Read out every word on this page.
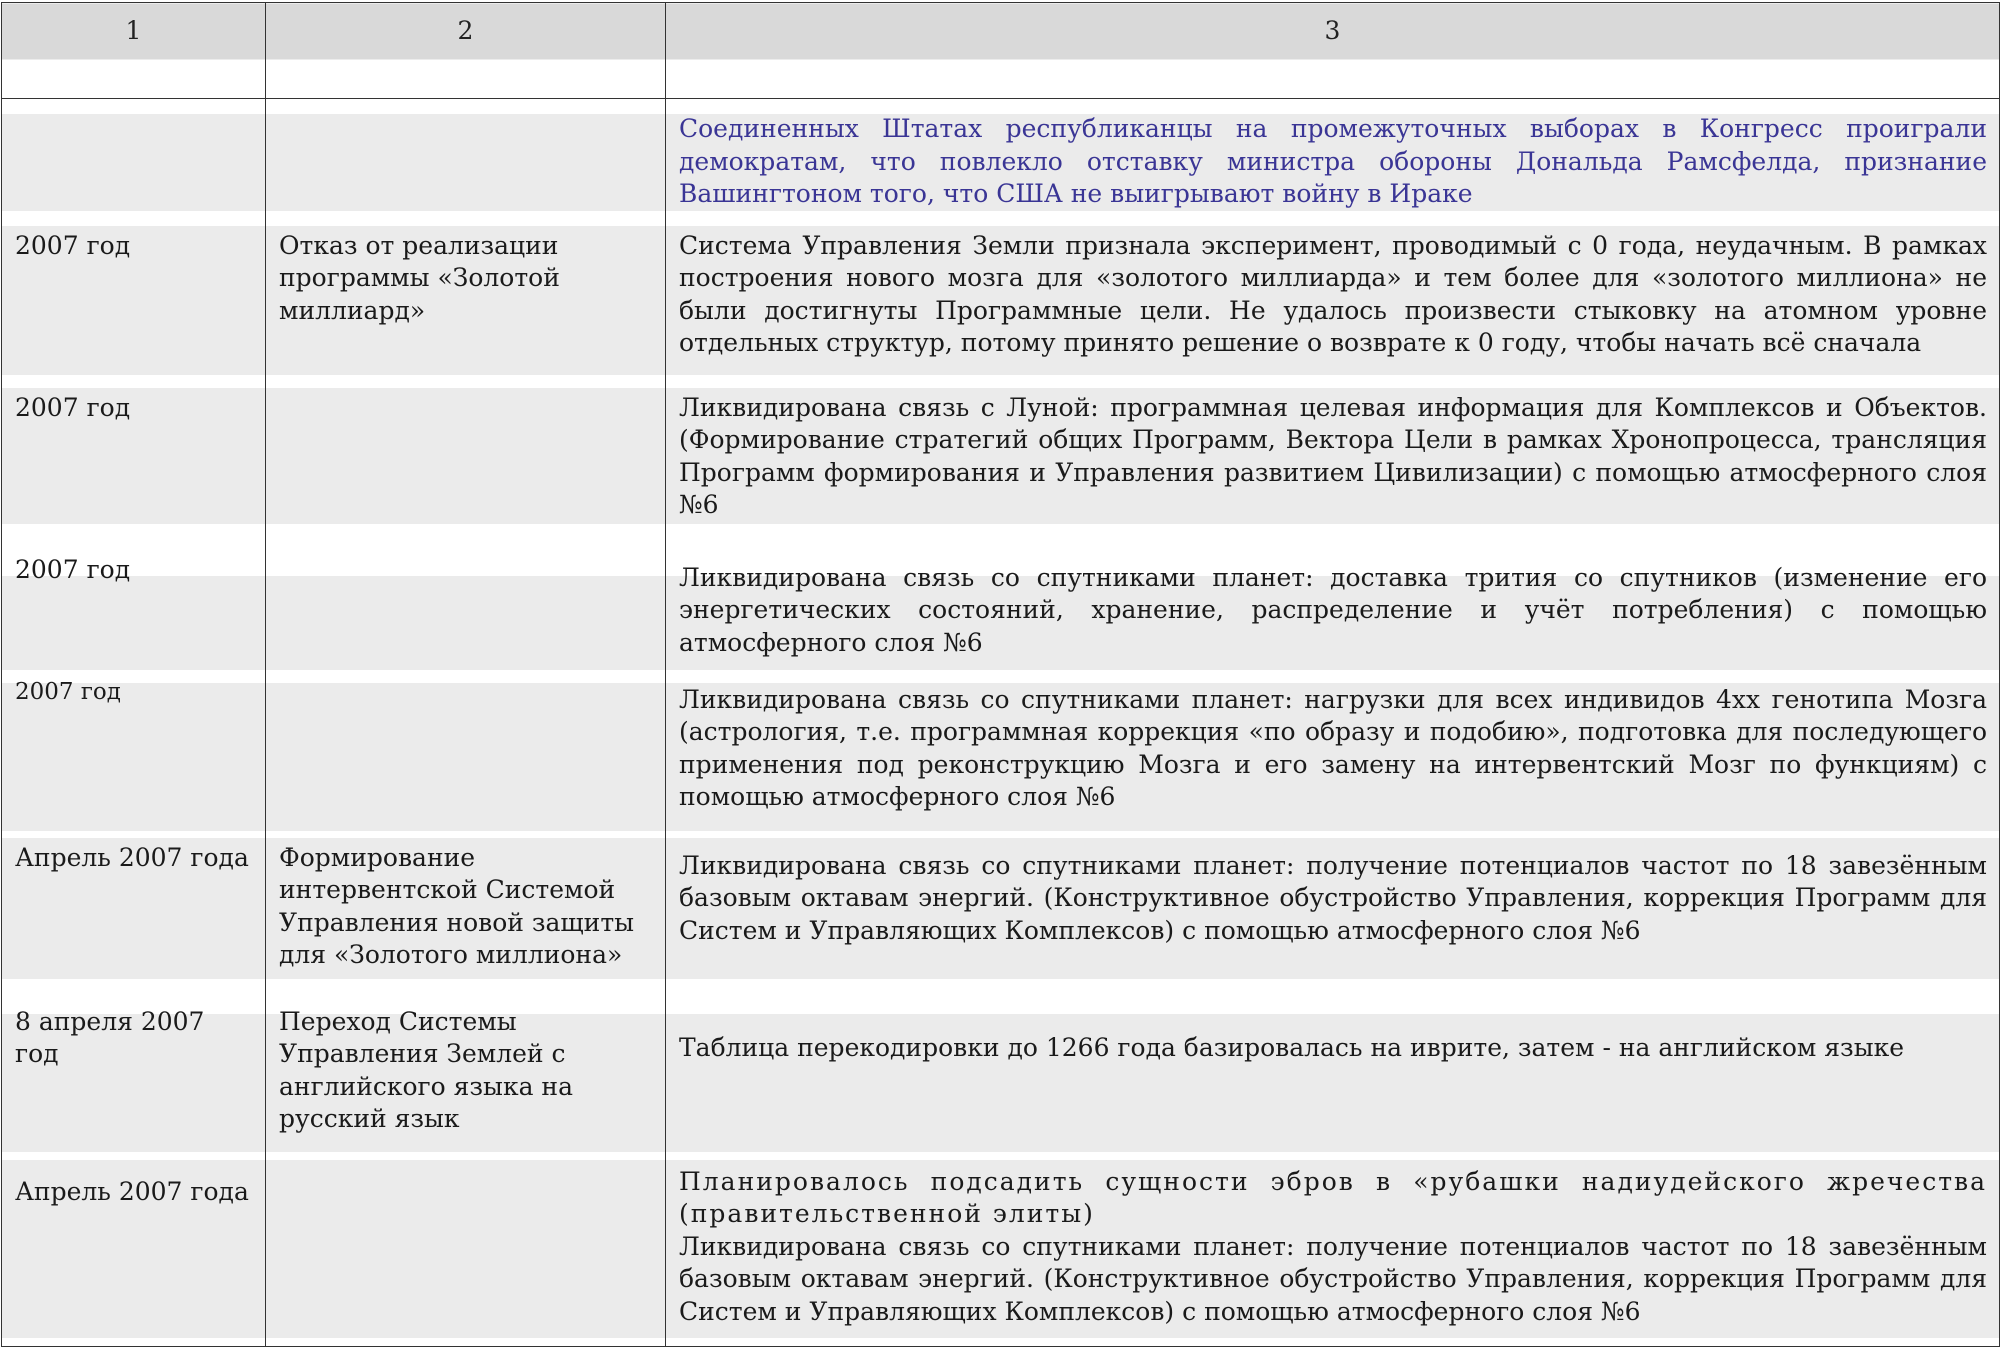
1	2	3

		Соединенных Штатах республиканцы на промежуточных выборах в Конгресс проиграли демократам, что повлекло отставку министра обороны Дональда Рамсфелда, признание Вашингтоном того, что США не выигрывают войну в Ираке

2007 год	Отказ от реализации программы «Золотой миллиард»	Система Управления Земли признала эксперимент, проводимый с 0 года, неудачным. В рамках построения нового мозга для «золотого миллиарда» и тем более для «золотого миллиона» не были достигнуты Программные цели. Не удалось произвести стыковку на атомном уровне отдельных структур, потому принято решение о возврате к 0 году, чтобы начать всё сначала

2007 год		Ликвидирована связь с Луной: программная целевая информация для Комплексов и Объектов. (Формирование стратегий общих Программ, Вектора Цели в рамках Хронопроцесса, трансляция Программ формирования и Управления развитием Цивилизации) с помощью атмосферного слоя №6

2007 год		Ликвидирована связь со спутниками планет: доставка трития со спутников (изменение его энергетических состояний, хранение, распределение и учёт потребления) с помощью атмосферного слоя №6

2007 год		Ликвидирована связь со спутниками планет: нагрузки для всех индивидов 4хх генотипа Мозга (астрология, т.е. программная коррекция «по образу и подобию», подготовка для последующего применения под реконструкцию Мозга и его замену на интервентский Мозг по функциям) с помощью атмосферного слоя №6

Апрель 2007 года	Формирование интервентской Системой Управления новой защиты для «Золотого миллиона»	Ликвидирована связь со спутниками планет: получение потенциалов частот по 18 завезённым базовым октавам энергий. (Конструктивное обустройство Управления, коррекция Программ для Систем и Управляющих Комплексов) с помощью атмосферного слоя №6

8 апреля 2007 год	Переход Системы Управления Землей с английского языка на русский язык	Таблица перекодировки до 1266 года базировалась на иврите, затем - на английском языке

Апрель 2007 года		Планировалось подсадить сущности эбров в «рубашки надиудейского жречества (правительственной элиты)
Ликвидирована связь со спутниками планет: получение потенциалов частот по 18 завезённым базовым октавам энергий. (Конструктивное обустройство Управления, коррекция Программ для Систем и Управляющих Комплексов) с помощью атмосферного слоя №6
